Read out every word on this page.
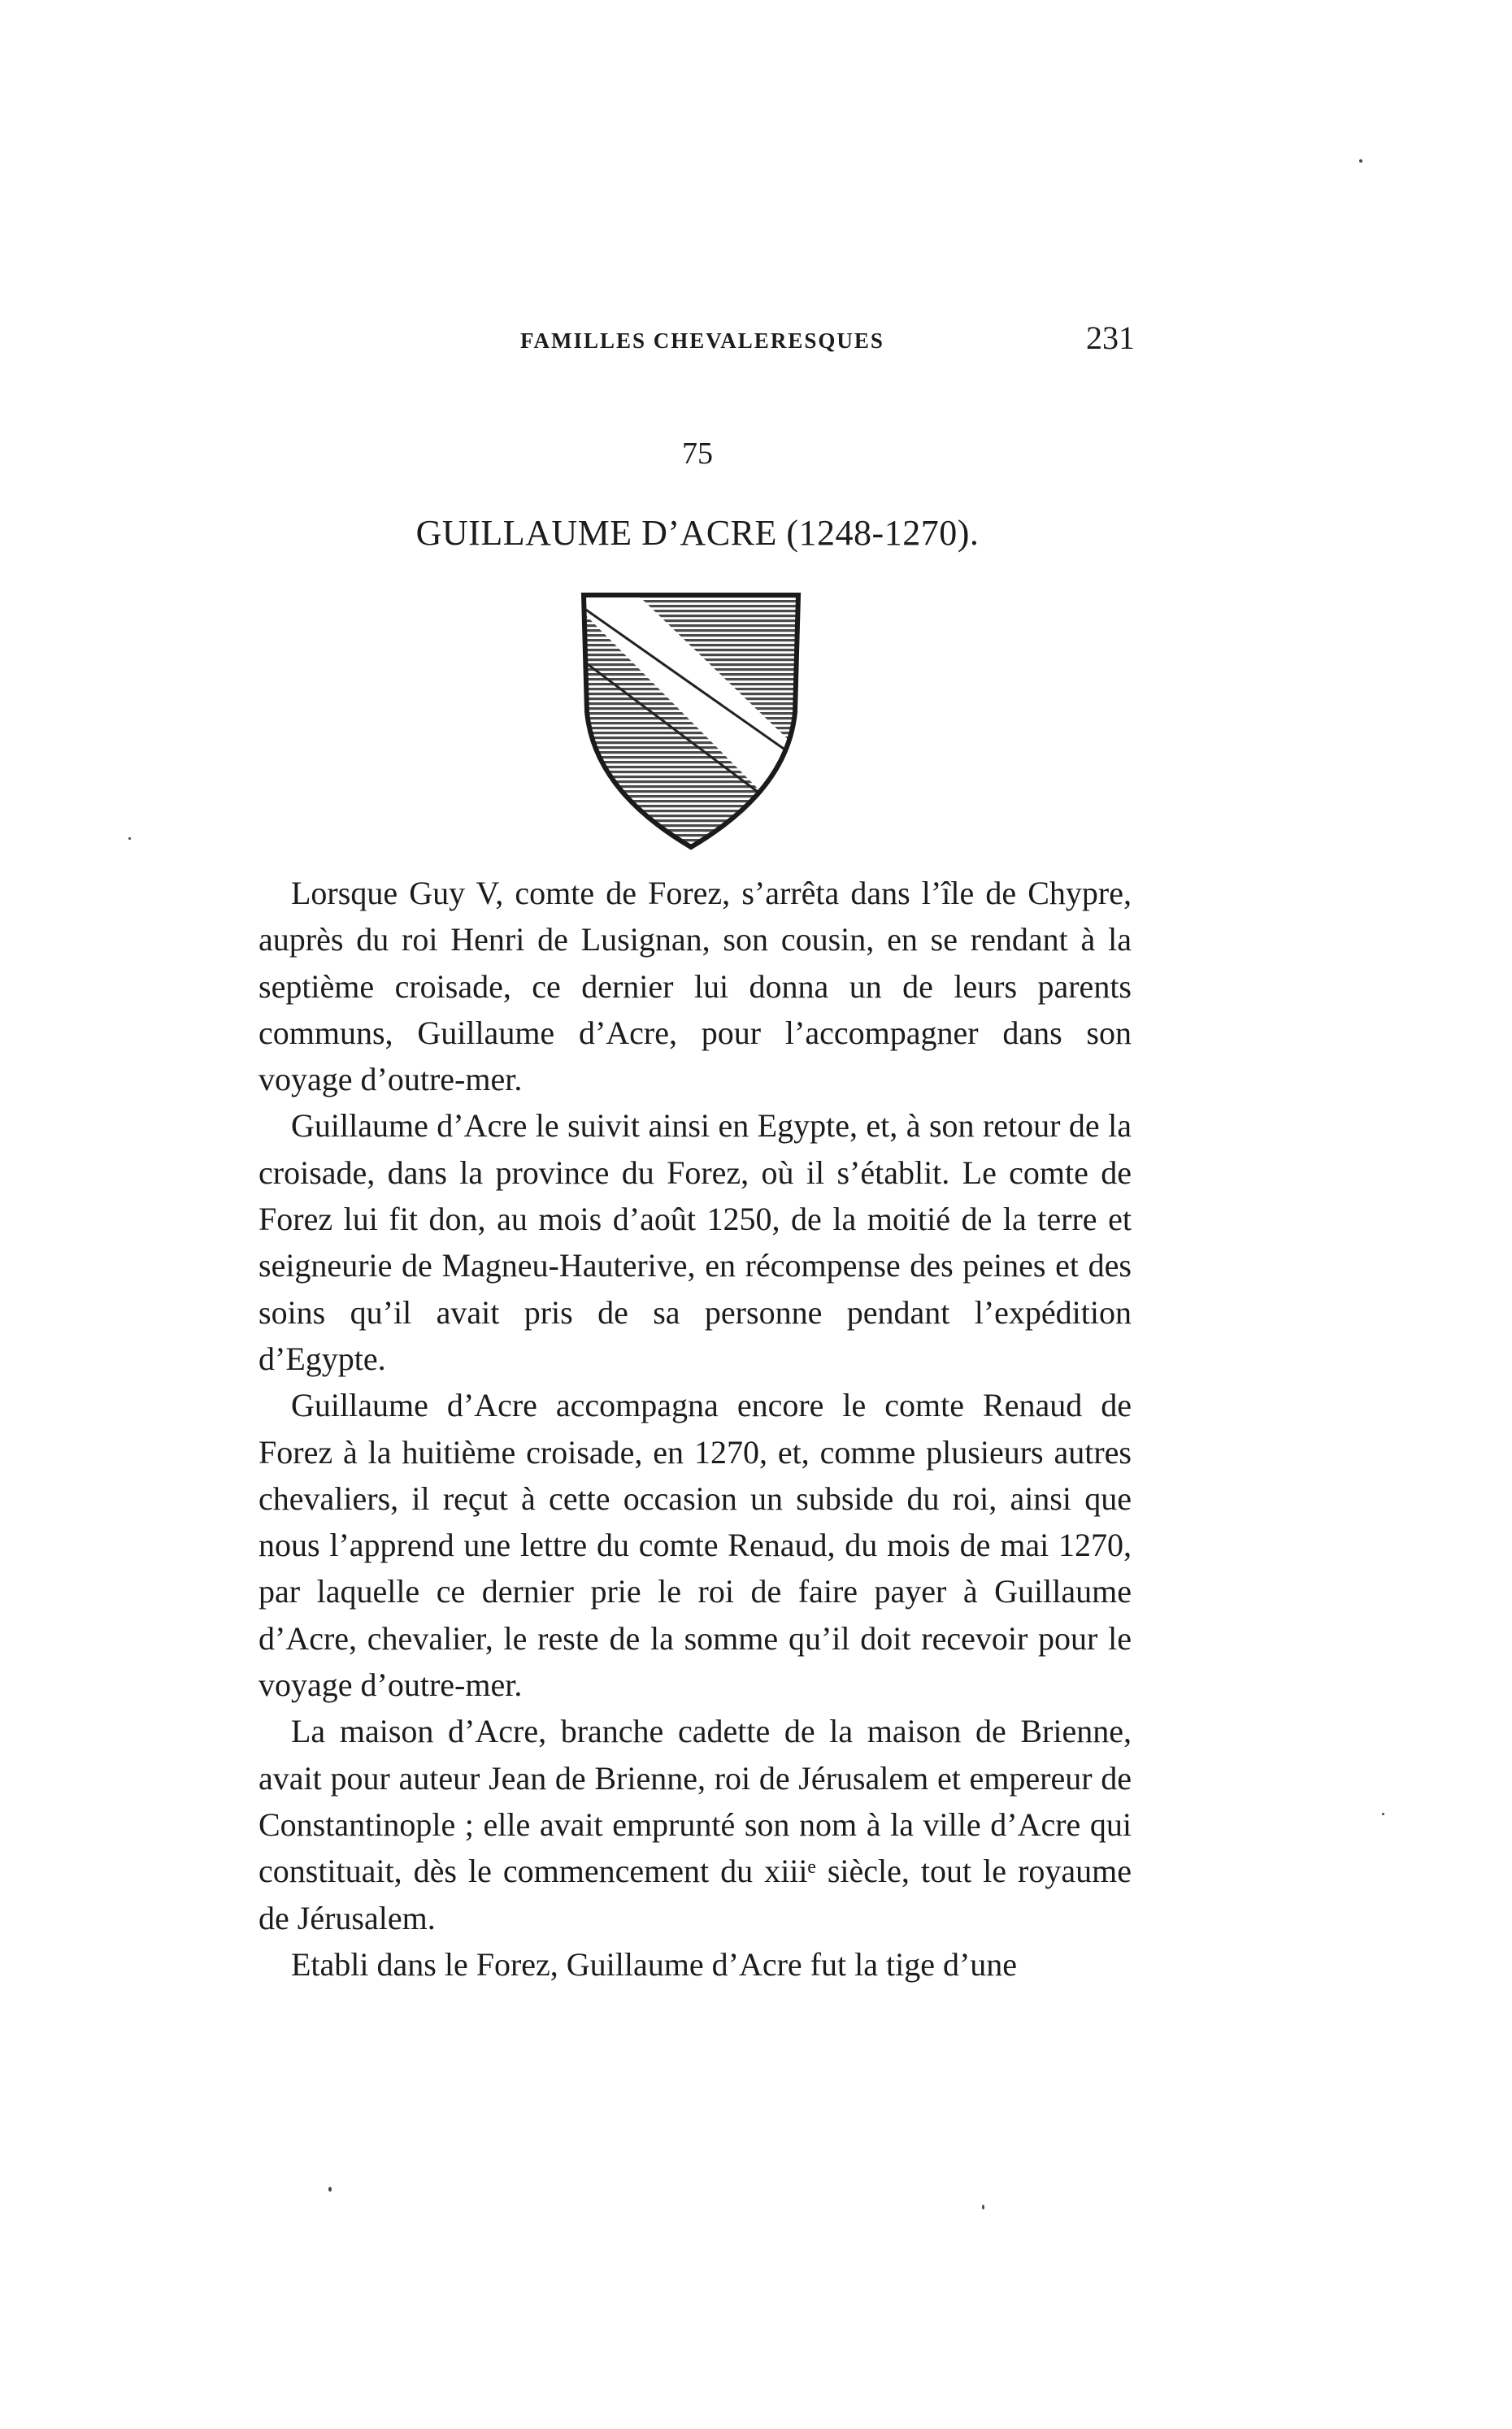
FAMILLES CHEVALERESQUES	231
75
GUILLAUME D’ACRE (1248-1270).

Lorsque Guy V, comte de Forez, s’arrêta dans l’île de Chypre, auprès du roi Henri de Lusignan, son cousin, en se rendant à la septième croisade, ce dernier lui donna un de leurs parents communs, Guillaume d’Acre, pour l’accompagner dans son voyage d’outre-mer.

Guillaume d’Acre le suivit ainsi en Egypte, et, à son retour de la croisade, dans la province du Forez, où il s’établit. Le comte de Forez lui fit don, au mois d’août 1250, de la moitié de la terre et seigneurie de Magneu-Hauterive, en récompense des peines et des soins qu’il avait pris de sa personne pendant l’expédition d’Egypte.

Guillaume d’Acre accompagna encore le comte Renaud de Forez à la huitième croisade, en 1270, et, comme plusieurs autres chevaliers, il reçut à cette occasion un subside du roi, ainsi que nous l’apprend une lettre du comte Renaud, du mois de mai 1270, par laquelle ce dernier prie le roi de faire payer à Guillaume d’Acre, chevalier, le reste de la somme qu’il doit recevoir pour le voyage d’outre-mer.

La maison d’Acre, branche cadette de la maison de Brienne, avait pour auteur Jean de Brienne, roi de Jérusalem et empereur de Constantinople ; elle avait emprunté son nom à la ville d’Acre qui constituait, dès le commencement du xiiiᵉ siècle, tout le royaume de Jérusalem.

Etabli dans le Forez, Guillaume d’Acre fut la tige d’une
